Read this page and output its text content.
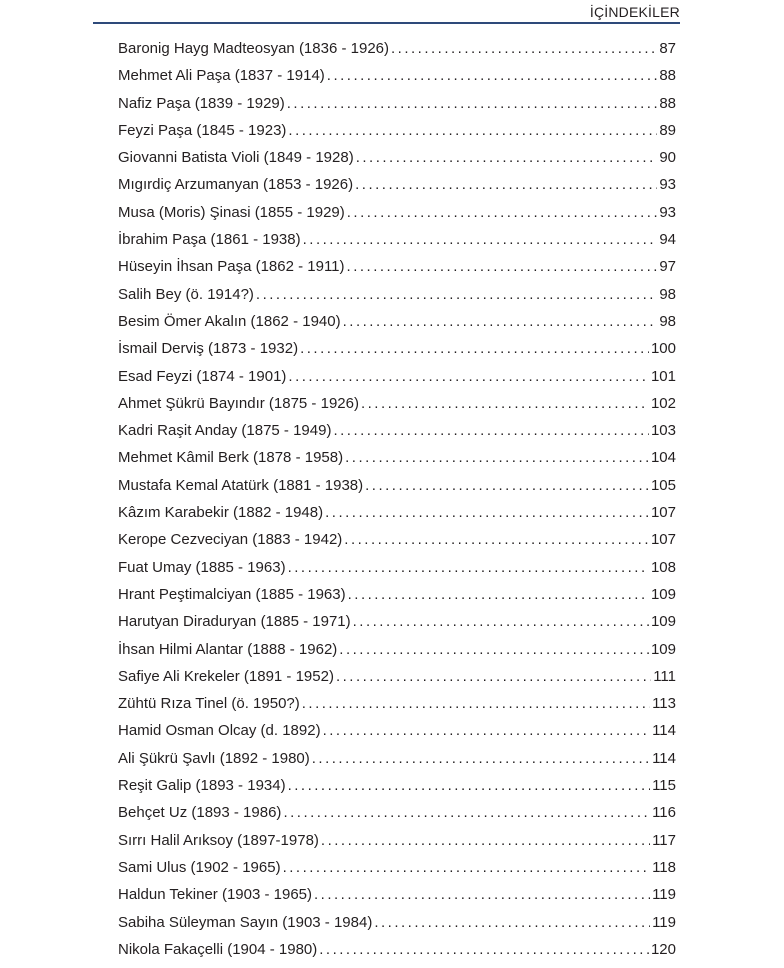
İÇİNDEKİLER
Baronig Hayg Madteosyan (1836 - 1926) .....	87
Mehmet Ali Paşa (1837 - 1914) .....	88
Nafiz Paşa (1839 - 1929) .....	88
Feyzi Paşa (1845 - 1923) .....	89
Giovanni Batista Violi (1849 - 1928) .....	90
Mıgırdiç Arzumanyan (1853 - 1926) .....	93
Musa (Moris) Şinasi (1855 - 1929) .....	93
İbrahim Paşa (1861 - 1938) .....	94
Hüseyin İhsan Paşa (1862 - 1911) .....	97
Salih Bey (ö. 1914?) .....	98
Besim Ömer Akalın (1862 - 1940) .....	98
İsmail Derviş (1873 - 1932) .....	100
Esad Feyzi (1874 - 1901) .....	101
Ahmet Şükrü Bayındır (1875 - 1926) .....	102
Kadri Raşit Anday (1875 - 1949) .....	103
Mehmet Kâmil Berk (1878 - 1958) .....	104
Mustafa Kemal Atatürk (1881 - 1938) .....	105
Kâzım Karabekir (1882 - 1948) .....	107
Kerope Cezveciyan (1883 - 1942) .....	107
Fuat Umay (1885 - 1963) .....	108
Hrant Peştimalciyan (1885 - 1963) .....	109
Harutyan Diraduryan (1885 - 1971) .....	109
İhsan Hilmi Alantar (1888 - 1962) .....	109
Safiye Ali Krekeler (1891 - 1952) .....	111
Zühtü Rıza Tinel (ö. 1950?) .....	113
Hamid Osman Olcay (d. 1892) .....	114
Ali Şükrü Şavlı (1892 - 1980) .....	114
Reşit Galip (1893 - 1934) .....	115
Behçet Uz (1893 - 1986) .....	116
Sırrı Halil Arıksoy (1897-1978) .....	117
Sami Ulus (1902 - 1965) .....	118
Haldun Tekiner (1903 - 1965) .....	119
Sabiha Süleyman Sayın (1903 - 1984) .....	119
Nikola Fakaçelli (1904 - 1980) .....	120
